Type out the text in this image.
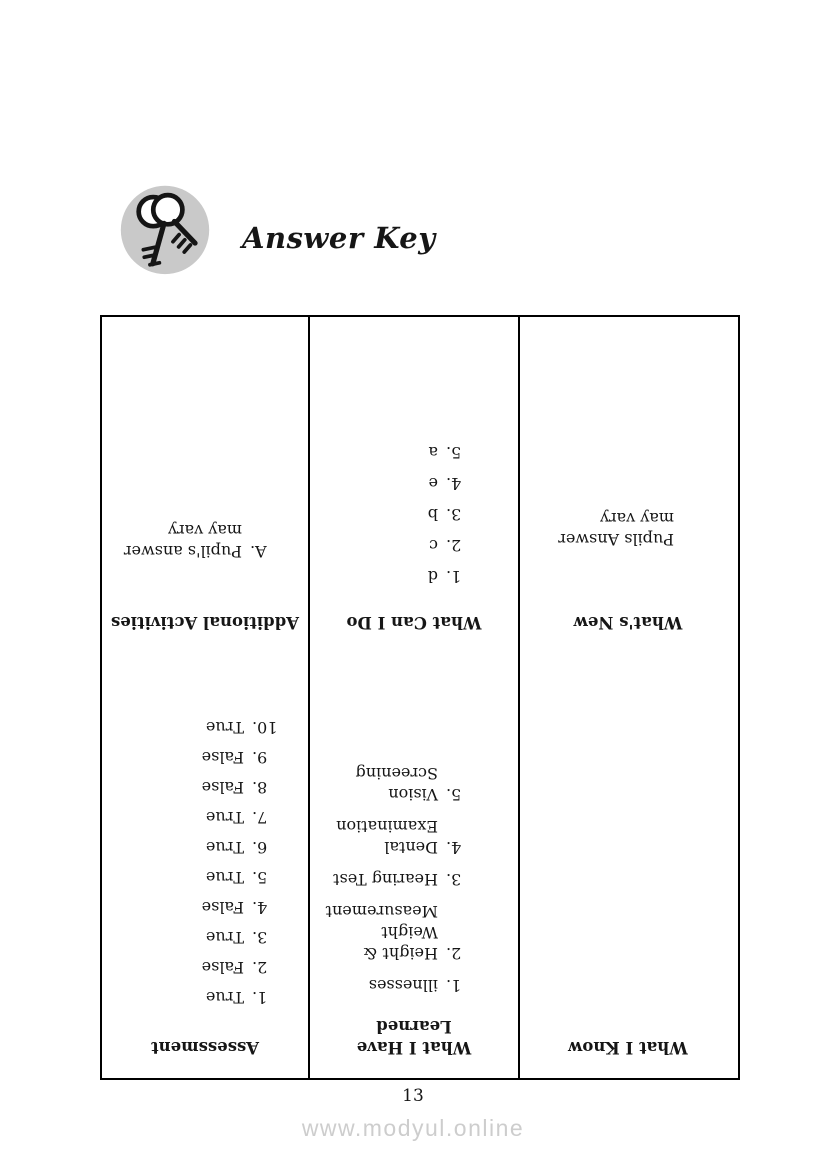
Answer Key
Assessment
1.
True
2.
False
3.
True
4.
False
5.
True
6.
True
7.
True
8.
False
9.
False
10.
True
Additional Activities
A.
Pupil's answer may vary
What I Have Learned
1.
illnesses
2.
Height & Weight Measurement
3.
Hearing Test
4.
Dental Examination
5.
Vision Screening
What Can I Do
1.
d
2.
c
3.
b
4.
e
5.
a
What I Know
What's New
Pupils Answer may vary
13
www.modyul.online
